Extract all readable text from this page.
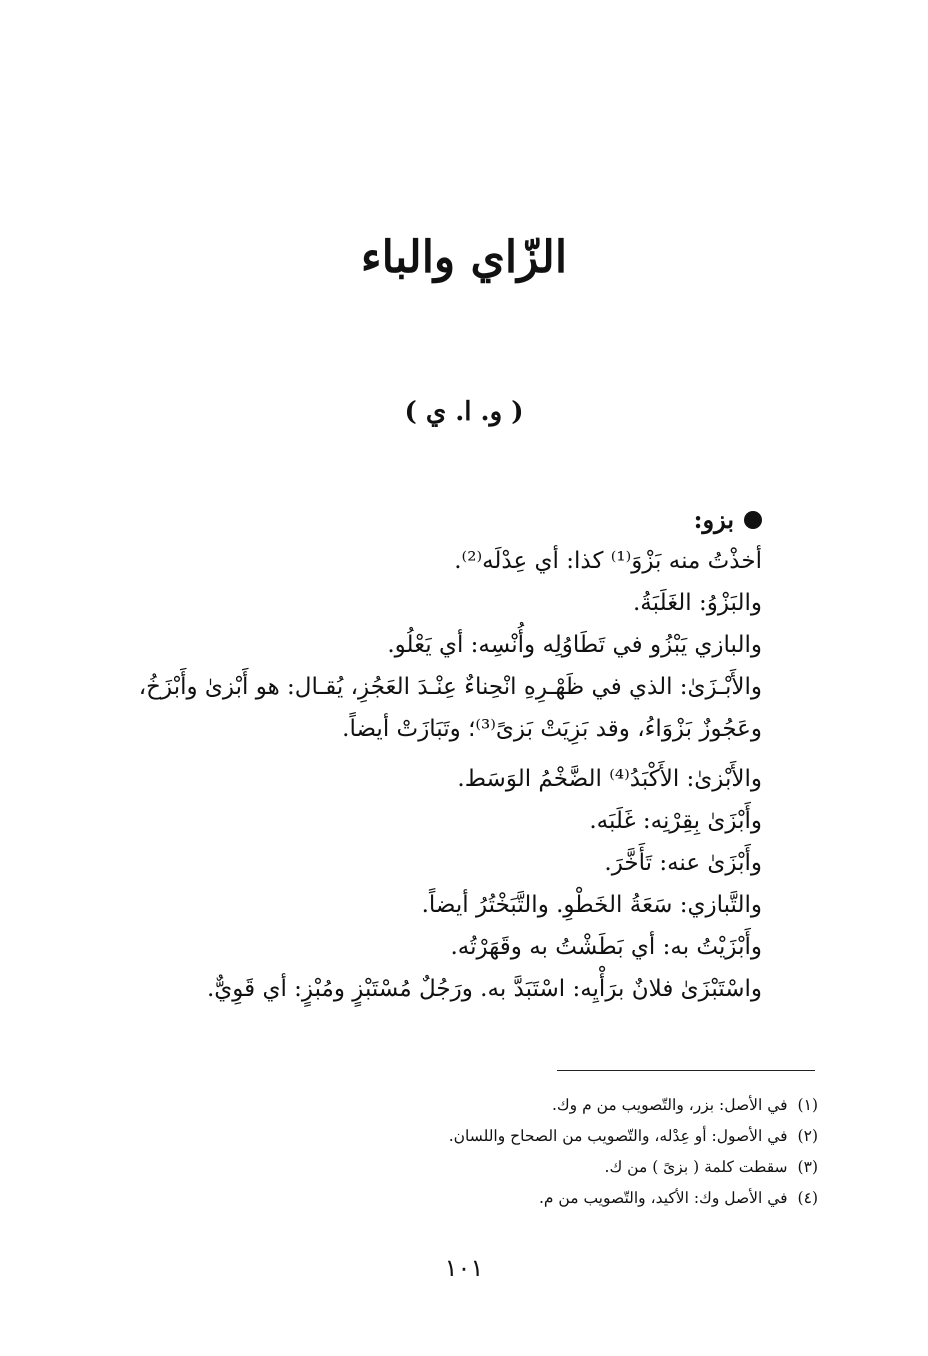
الزّاي والباء
( و. ا. ي )
بزو:
أخذْتُ منه بَزْوَ⁽¹⁾ كذا: أي عِدْلَه⁽²⁾.
والبَزْوُ: الغَلَبَةُ.
والبازي يَبْزُو في تَطَاوُلِه وأُنْسِه: أي يَعْلُو.
والأَبْـزَىٰ: الذي في ظَهْـرِهِ انْحِناءٌ عِنْـدَ العَجُزِ، يُقـال: هو أَبْزىٰ وأَبْزَخُ،
وعَجُوزٌ بَزْوَاءُ، وقد بَزِيَتْ بَزىً⁽³⁾؛ وتَبَازَتْ أيضاً.
والأَبْزىٰ: الأَكْبَدُ⁽⁴⁾ الضَّخْمُ الوَسَط.
وأَبْزَىٰ بِقِرْنِه: غَلَبَه.
وأَبْزَىٰ عنه: تَأَخَّرَ.
والتَّبازي: سَعَةُ الخَطْوِ. والتَّبَخْتُرُ أيضاً.
وأَبْزَيْتُ به: أي بَطَشْتُ به وقَهَرْتُه.
واسْتَبْزَىٰ فلانٌ برَأْيِه: اسْتَبَدَّ به. ورَجُلٌ مُسْتَبْزٍ ومُبْزٍ: أي قَوِيٌّ.
(١)في الأصل: بزر، والتّصويب من م وك.
(٢)في الأصول: أو عِدْله، والتّصويب من الصحاح واللسان.
(٣)سقطت كلمة ( بزىً ) من ك.
(٤)في الأصل وك: الأكيد، والتّصويب من م.
١٠١
